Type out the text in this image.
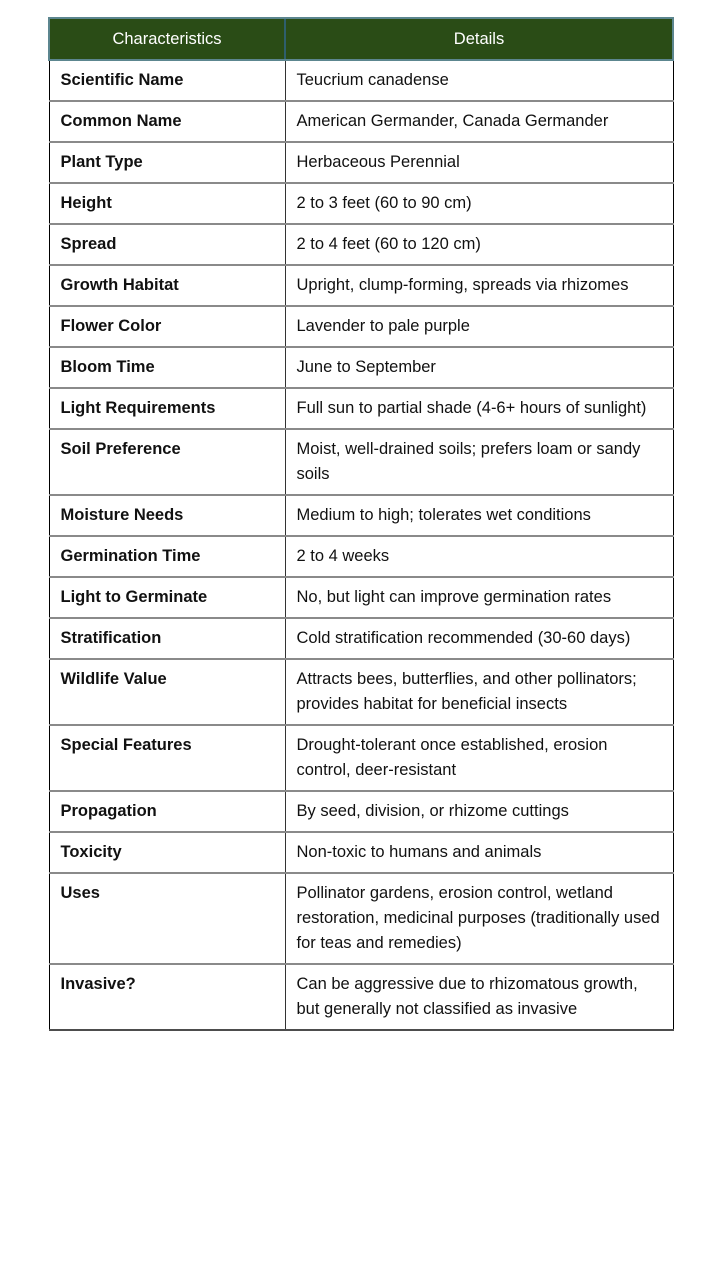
Characteristics	Details
Scientific Name	Teucrium canadense
Common Name	American Germander, Canada Germander
Plant Type	Herbaceous Perennial
Height	2 to 3 feet (60 to 90 cm)
Spread	2 to 4 feet (60 to 120 cm)
Growth Habitat	Upright, clump-forming, spreads via rhizomes
Flower Color	Lavender to pale purple
Bloom Time	June to September
Light Requirements	Full sun to partial shade (4-6+ hours of sunlight)
Soil Preference	Moist, well-drained soils; prefers loam or sandy soils
Moisture Needs	Medium to high; tolerates wet conditions
Germination Time	2 to 4 weeks
Light to Germinate	No, but light can improve germination rates
Stratification	Cold stratification recommended (30-60 days)
Wildlife Value	Attracts bees, butterflies, and other pollinators; provides habitat for beneficial insects
Special Features	Drought-tolerant once established, erosion control, deer-resistant
Propagation	By seed, division, or rhizome cuttings
Toxicity	Non-toxic to humans and animals
Uses	Pollinator gardens, erosion control, wetland restoration, medicinal purposes (traditionally used for teas and remedies)
Invasive?	Can be aggressive due to rhizomatous growth, but generally not classified as invasive
